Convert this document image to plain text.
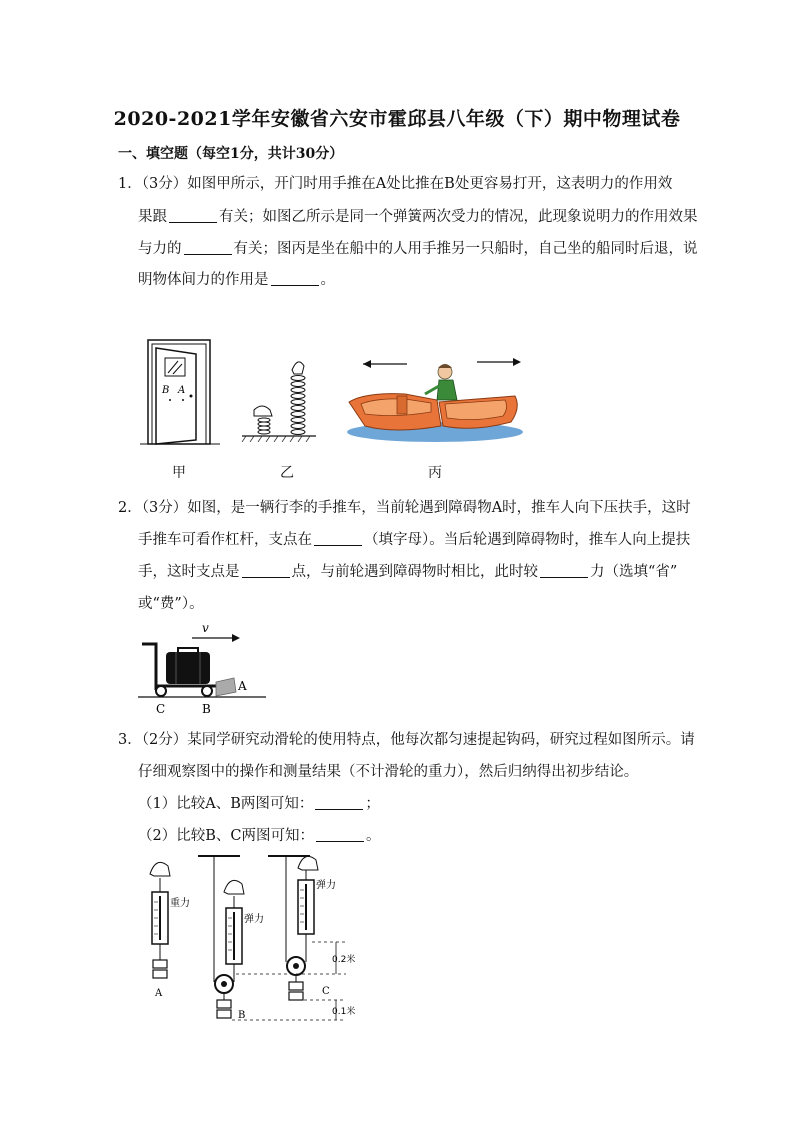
2020-2021学年安徽省六安市霍邱县八年级（下）期中物理试卷
一、填空题（每空1分，共计30分）
1．（3分）如图甲所示，开门时用手推在A处比推在B处更容易打开，这表明力的作用效
果跟	有关；如图乙所示是同一个弹簧两次受力的情况，此现象说明力的作用效果
与力的	有关；图丙是坐在船中的人用手推另一只船时，自己坐的船同时后退，说
明物体间力的作用是	。
B A
甲	乙	丙
2．（3分）如图，是一辆行李的手推车，当前轮遇到障碍物A时，推车人向下压扶手，这时
手推车可看作杠杆，支点在	（填字母）。当后轮遇到障碍物时，推车人向上提扶
手，这时支点是	点，与前轮遇到障碍物时相比，此时较	力（选填“省”
或“费”）。
v
A
C	B
3．（2分）某同学研究动滑轮的使用特点，他每次都匀速提起钩码，研究过程如图所示。请
仔细观察图中的操作和测量结果（不计滑轮的重力），然后归纳得出初步结论。
（1）比较A、B两图可知：	；
（2）比较B、C两图可知：	。
重力
A
弹力
B
弹力
C
0.2米
0.1米
